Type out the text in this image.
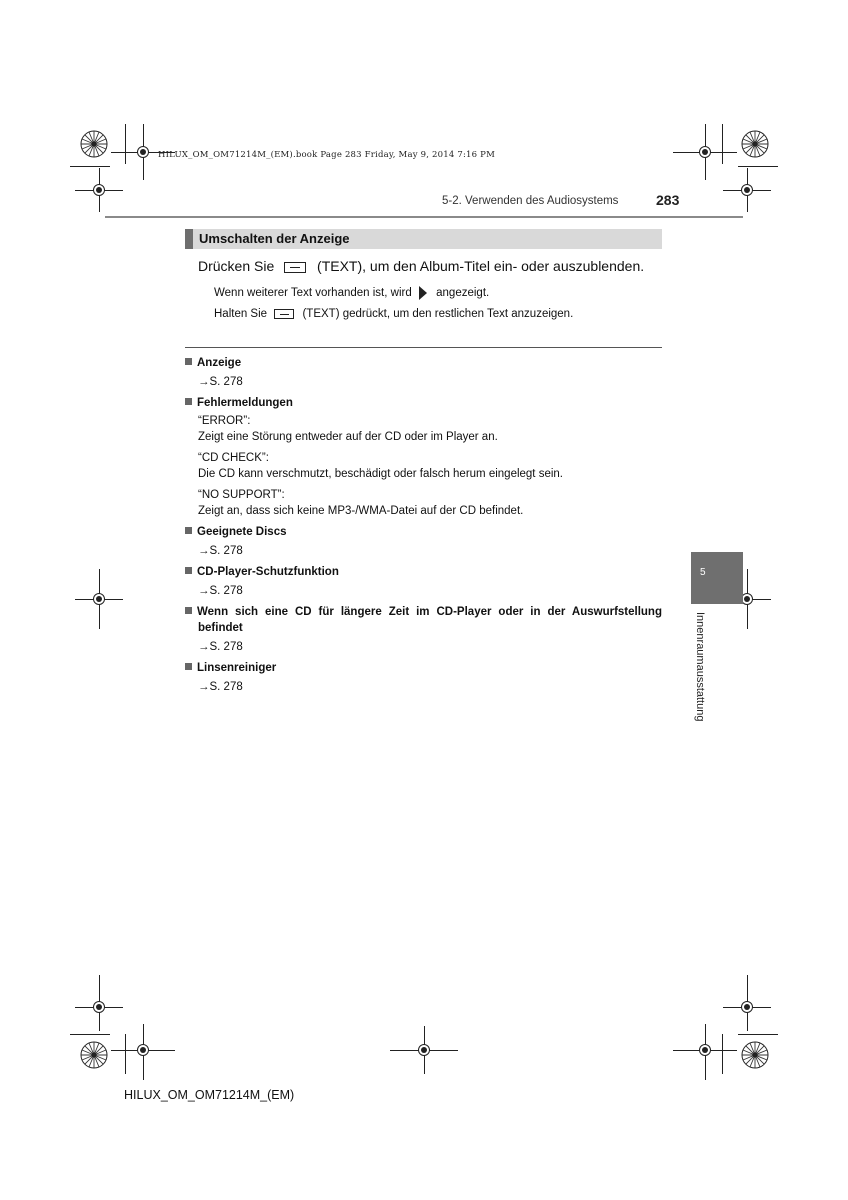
HILUX_OM_OM71214M_(EM).book Page 283 Friday, May 9, 2014 7:16 PM
5-2. Verwenden des Audiosystems	283
Umschalten der Anzeige
Drücken Sie	(TEXT), um den Album-Titel ein- oder auszublenden.
Wenn weiterer Text vorhanden ist, wird angezeigt.
Halten Sie	(TEXT) gedrückt, um den restlichen Text anzuzeigen.
Anzeige
→S. 278
Fehlermeldungen
“ERROR”:
Zeigt eine Störung entweder auf der CD oder im Player an.
“CD CHECK”:
Die CD kann verschmutzt, beschädigt oder falsch herum eingelegt sein.
“NO SUPPORT”:
Zeigt an, dass sich keine MP3-/WMA-Datei auf der CD befindet.
Geeignete Discs
→S. 278
CD-Player-Schutzfunktion
→S. 278
Wenn sich eine CD für längere Zeit im CD-Player oder in der Auswurfstellung
befindet
→S. 278
Linsenreiniger
→S. 278
5
Innenraumausstattung
HILUX_OM_OM71214M_(EM)
